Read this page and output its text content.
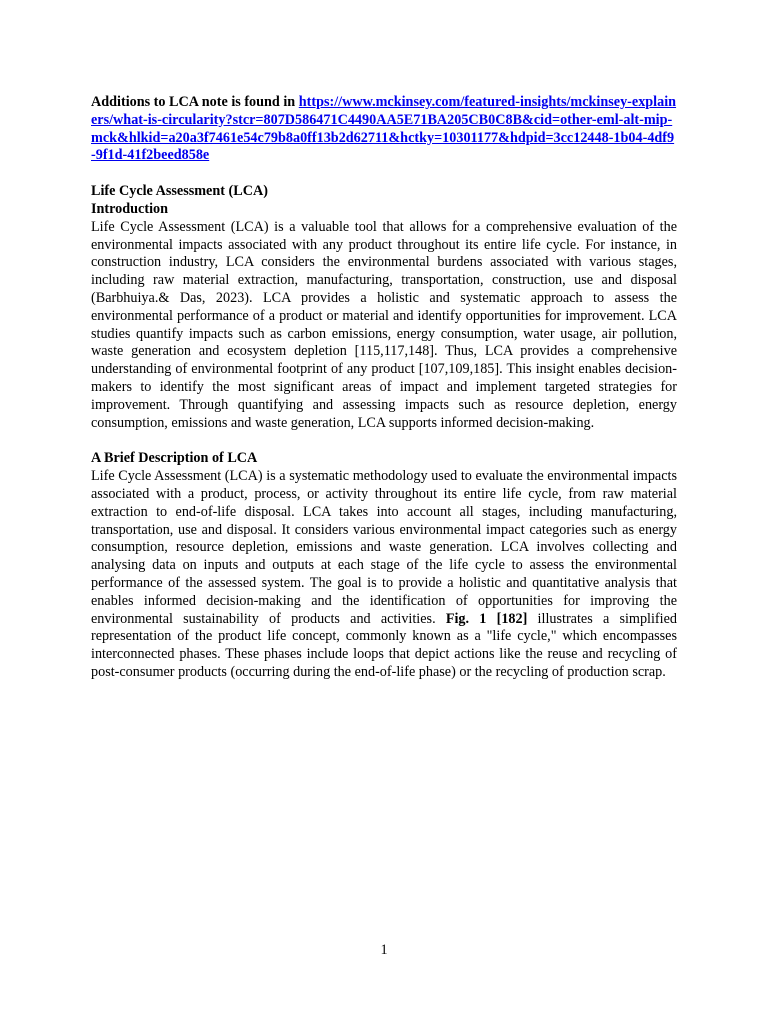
Additions to LCA note is found in https://www.mckinsey.com/featured-insights/mckinsey-explainers/what-is-circularity?stcr=807D586471C4490AA5E71BA205CB0C8B&cid=other-eml-alt-mip-mck&hlkid=a20a3f7461e54c79b8a0ff13b2d62711&hctky=10301177&hdpid=3cc12448-1b04-4df9-9f1d-41f2beed858e

Life Cycle Assessment (LCA)

Introduction

Life Cycle Assessment (LCA) is a valuable tool that allows for a comprehensive evaluation of the environmental impacts associated with any product throughout its entire life cycle. For instance, in construction industry, LCA considers the environmental burdens associated with various stages, including raw material extraction, manufacturing, transportation, construction, use and disposal (Barbhuiya.& Das, 2023). LCA provides a holistic and systematic approach to assess the environmental performance of a product or material and identify opportunities for improvement. LCA studies quantify impacts such as carbon emissions, energy consumption, water usage, air pollution, waste generation and ecosystem depletion [115,117,148]. Thus, LCA provides a comprehensive understanding of environmental footprint of any product [107,109,185]. This insight enables decision-makers to identify the most significant areas of impact and implement targeted strategies for improvement. Through quantifying and assessing impacts such as resource depletion, energy consumption, emissions and waste generation, LCA supports informed decision-making.

A Brief Description of LCA

Life Cycle Assessment (LCA) is a systematic methodology used to evaluate the environmental impacts associated with a product, process, or activity throughout its entire life cycle, from raw material extraction to end-of-life disposal. LCA takes into account all stages, including manufacturing, transportation, use and disposal. It considers various environmental impact categories such as energy consumption, resource depletion, emissions and waste generation. LCA involves collecting and analysing data on inputs and outputs at each stage of the life cycle to assess the environmental performance of the assessed system. The goal is to provide a holistic and quantitative analysis that enables informed decision-making and the identification of opportunities for improving the environmental sustainability of products and activities. Fig. 1 [182] illustrates a simplified representation of the product life concept, commonly known as a "life cycle," which encompasses interconnected phases. These phases include loops that depict actions like the reuse and recycling of post-consumer products (occurring during the end-of-life phase) or the recycling of production scrap.

1
